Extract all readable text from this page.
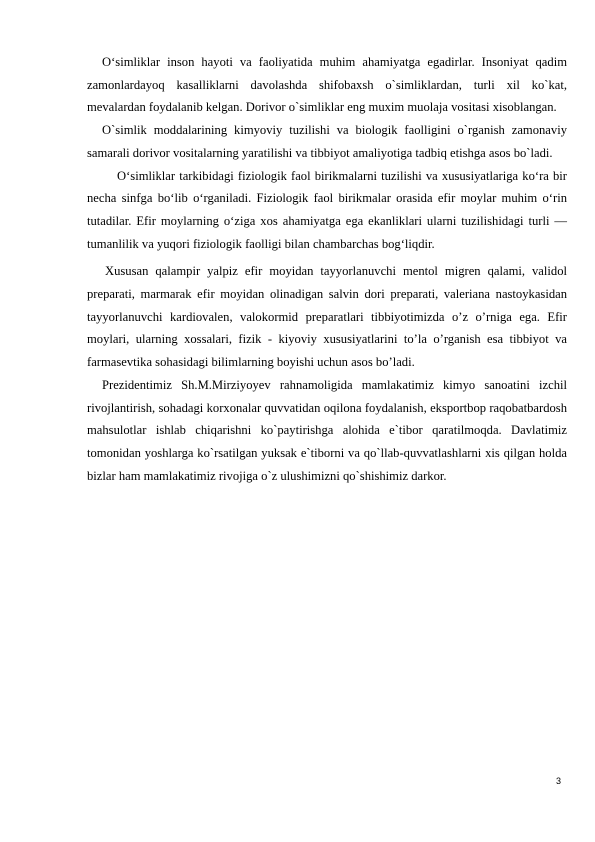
O‘simliklar inson hayoti va faoliyatida muhim ahamiyatga egadirlar. Insoniyat qadim zamonlardayoq kasalliklarni davolashda shifobaxsh o`simliklardan, turli xil ko`kat, mevalardan foydalanib kelgan. Dorivor o`simliklar eng muxim muolaja vositasi xisoblangan.

O`simlik moddalarining kimyoviy tuzilishi va biologik faolligini o`rganish zamonaviy samarali dorivor vositalarning yaratilishi va tibbiyot amaliyotiga tadbiq etishga asos bo`ladi.

O‘simliklar tarkibidagi fiziologik faol birikmalarni tuzilishi va xususiyatlariga ko‘ra bir necha sinfga bo‘lib o‘rganiladi. Fiziologik faol birikmalar orasida efir moylar muhim o‘rin tutadilar. Efir moylarning o‘ziga xos ahamiyatga ega ekanliklari ularni tuzilishidagi turli — tumanlilik va yuqori fiziologik faolligi bilan chambarchas bog‘liqdir.

Xususan qalampir yalpiz efir moyidan tayyorlanuvchi mentol migren qalami, validol preparati, marmarak efir moyidan olinadigan salvin dori preparati, valeriana nastoykasidan tayyorlanuvchi kardiovalen, valokormid preparatlari tibbiyotimizda o’z o’rniga ega. Efir moylari, ularning xossalari, fizik - kiyoviy xususiyatlarini to’la o’rganish esa tibbiyot va farmasevtika sohasidagi bilimlarning boyishi uchun asos bo’ladi.

Prezidentimiz Sh.M.Mirziyoyev rahnamoligida mamlakatimiz kimyo sanoatini izchil rivojlantirish, sohadagi korxonalar quvvatidan oqilona foydalanish, eksportbop raqobatbardosh mahsulotlar ishlab chiqarishni ko`paytirishga alohida e`tibor qaratilmoqda. Davlatimiz tomonidan yoshlarga ko`rsatilgan yuksak e`tiborni va qo`llab-quvvatlashlarni xis qilgan holda bizlar ham mamlakatimiz rivojiga o`z ulushimizni qo`shishimiz darkor.

3
